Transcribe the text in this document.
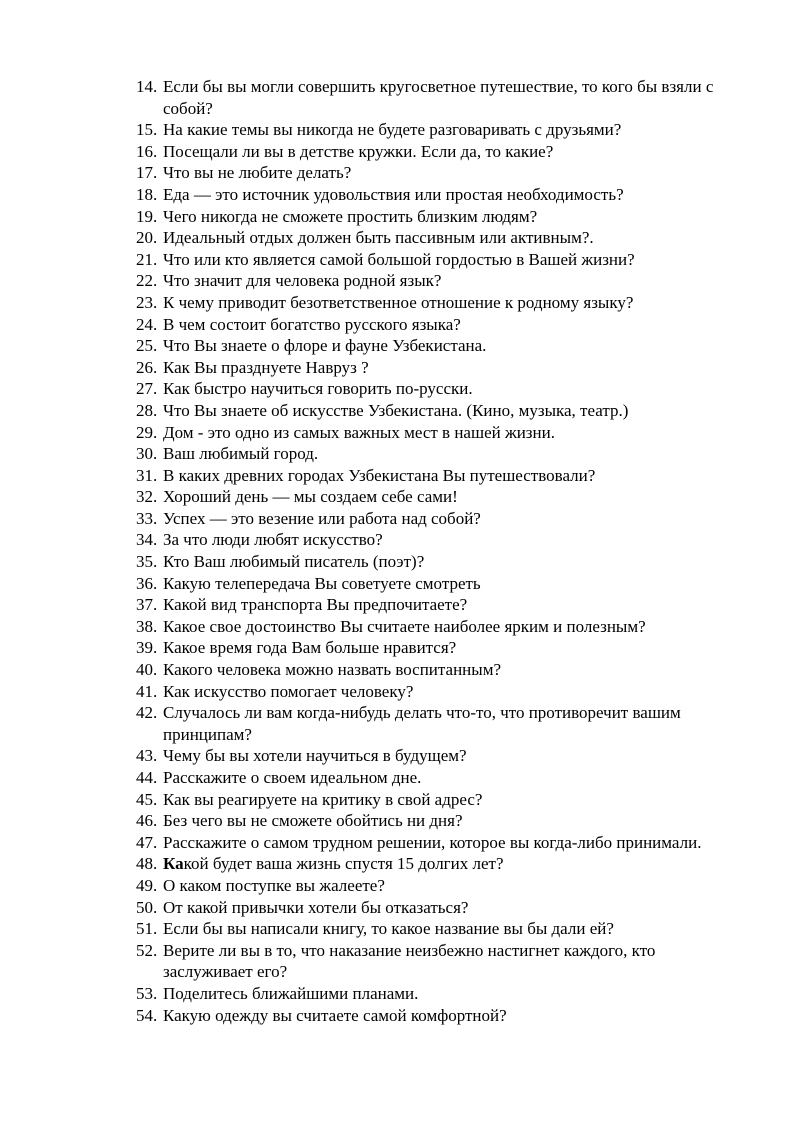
14. Если бы вы могли совершить кругосветное путешествие, то кого бы взяли с собой?
15. На какие темы вы никогда не будете разговаривать с друзьями?
16. Посещали ли вы в детстве кружки. Если да, то какие?
17. Что вы не любите делать?
18. Еда — это источник удовольствия или простая необходимость?
19. Чего никогда не сможете простить близким людям?
20. Идеальный отдых должен быть пассивным или активным?.
21. Что или кто является самой большой гордостью в Вашей жизни?
22. Что значит для человека родной язык?
23. К чему приводит безответственное отношение к родному языку?
24. В чем состоит богатство русского языка?
25. Что Вы знаете о флоре и фауне Узбекистана.
26. Как Вы празднуете Навруз ?
27. Как быстро научиться говорить по-русски.
28. Что Вы знаете об искусстве Узбекистана. (Кино, музыка, театр.)
29. Дом - это одно из самых важных мест в нашей жизни.
30. Ваш любимый город.
31. В каких древних городах Узбекистана Вы путешествовали?
32. Хороший день — мы создаем себе сами!
33. Успех — это везение или работа над собой?
34. За что люди любят искусство?
35. Кто Ваш любимый писатель (поэт)?
36. Какую телепередача Вы советуете смотреть
37. Какой вид транспорта Вы предпочитаете?
38. Какое свое достоинство Вы считаете наиболее ярким и полезным?
39. Какое время года Вам больше нравится?
40. Какого человека можно назвать воспитанным?
41. Как искусство помогает человеку?
42. Случалось ли вам когда-нибудь делать что-то, что противоречит вашим принципам?
43. Чему бы вы хотели научиться в будущем?
44. Расскажите о своем идеальном дне.
45. Как вы реагируете на критику в свой адрес?
46. Без чего вы не сможете обойтись ни дня?
47. Расскажите о самом трудном решении, которое вы когда-либо принимали.
48. Какой будет ваша жизнь спустя 15 долгих лет?
49. О каком поступке вы жалеете?
50. От какой привычки хотели бы отказаться?
51. Если бы вы написали книгу, то какое название вы бы дали ей?
52. Верите ли вы в то, что наказание неизбежно настигнет каждого, кто заслуживает его?
53. Поделитесь ближайшими планами.
54. Какую одежду вы считаете самой комфортной?
